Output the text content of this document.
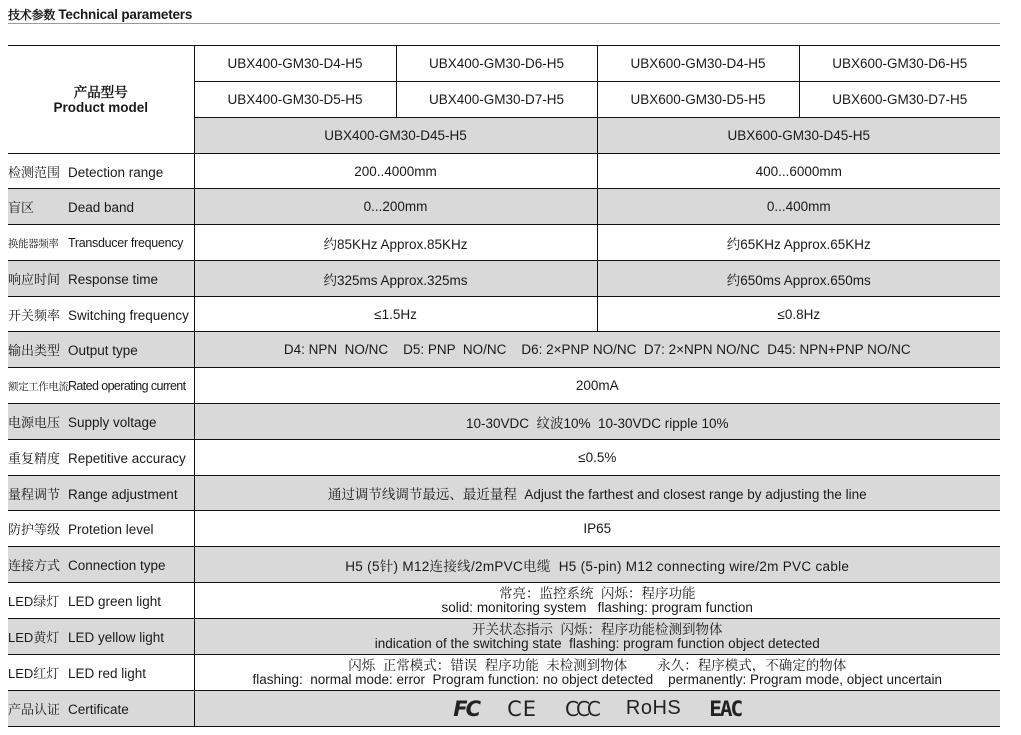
技术参数 Technical parameters
产品型号
Product model	UBX400-GM30-D4-H5	UBX400-GM30-D6-H5	UBX600-GM30-D4-H5	UBX600-GM30-D6-H5
	UBX400-GM30-D5-H5	UBX400-GM30-D7-H5	UBX600-GM30-D5-H5	UBX600-GM30-D7-H5
	UBX400-GM30-D45-H5		UBX600-GM30-D45-H5	
检测范围 Detection range	200..4000mm		400...6000mm	
盲区 Dead band	0...200mm		0...400mm	
换能器频率 Transducer frequency	约85KHz Approx.85KHz		约65KHz Approx.65KHz	
响应时间 Response time	约325ms Approx.325ms		约650ms Approx.650ms	
开关频率 Switching frequency	≤1.5Hz		≤0.8Hz	
输出类型 Output type	D4: NPN  NO/NC    D5: PNP  NO/NC    D6: 2×PNP NO/NC  D7: 2×NPN NO/NC  D45: NPN+PNP NO/NC			
额定工作电流Rated operating current	200mA			
电源电压 Supply voltage	10-30VDC  纹波10%  10-30VDC ripple 10%			
重复精度 Repetitive accuracy	≤0.5%			
量程调节 Range adjustment	通过调节线调节最远、最近量程  Adjust the farthest and closest range by adjusting the line			
防护等级 Protetion level	IP65			
连接方式 Connection type	H5 (5针) M12连接线/2mPVC电缆  H5 (5-pin) M12 connecting wire/2m PVC cable			
LED绿灯 LED green light	常亮：监控系统  闪烁：程序功能
solid: monitoring system   flashing: program function			

LED黄灯 LED yellow light	开关状态指示  闪烁：程序功能检测到物体
indication of the switching state  flashing: program function object detected			

LED红灯 LED red light	闪烁  正常模式：错误  程序功能  未检测到物体        永久：程序模式，不确定的物体
flashing:  normal mode: error  Program function: no object detected    permanently: Program mode, object uncertain			

产品认证 Certificate	FC CE CCC RoHS EAC			
